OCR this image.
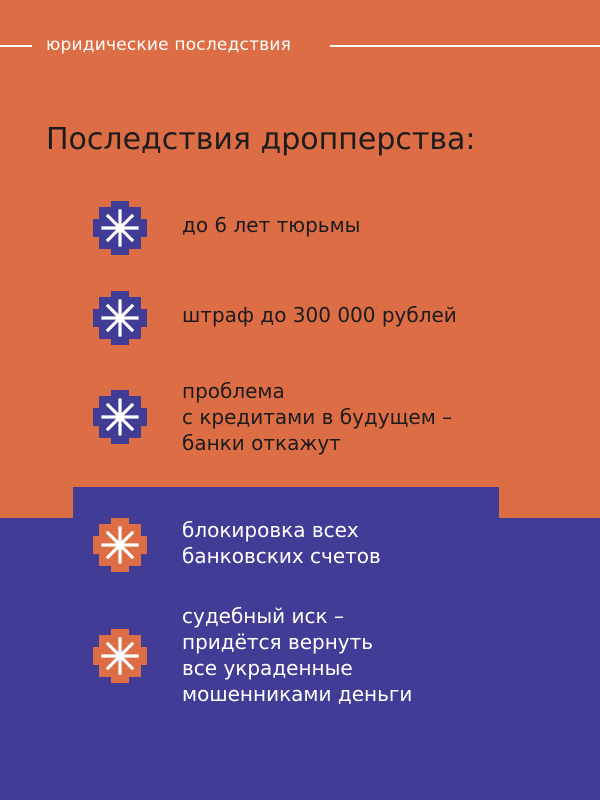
юридические последствия
Последствия дропперства:
до 6 лет тюрьмы
штраф до 300 000 рублей
проблема
с кредитами в будущем –
банки откажут
блокировка всех
банковских счетов
судебный иск –
придётся вернуть
все украденные
мошенниками деньги
